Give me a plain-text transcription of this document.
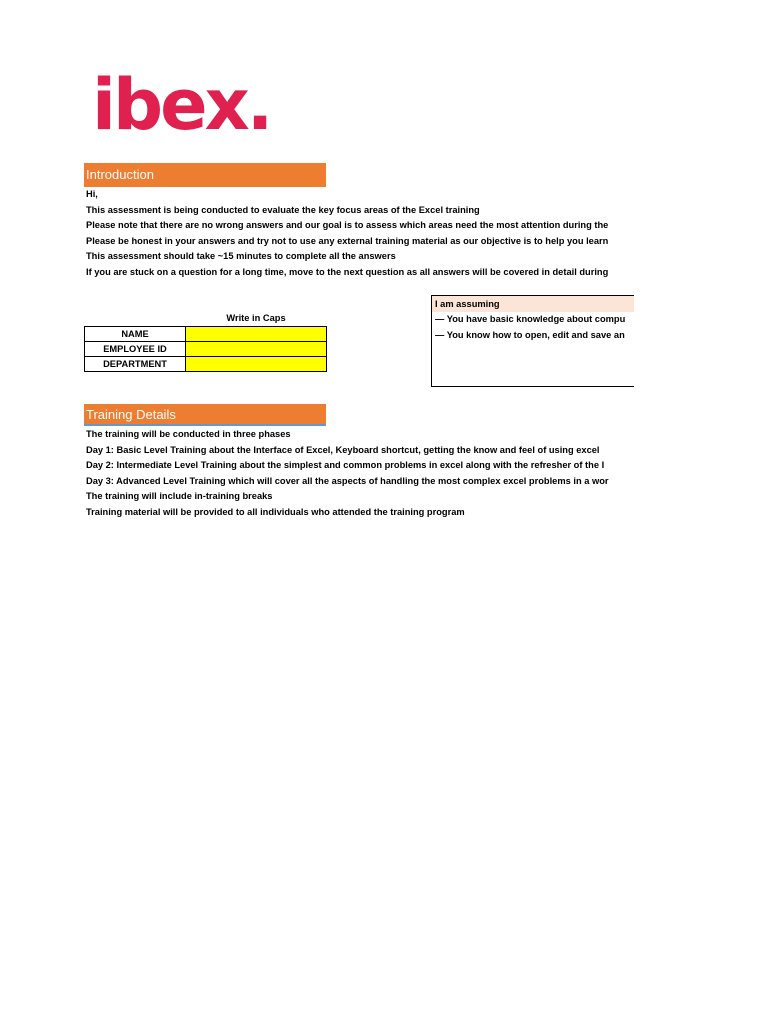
ibex.
Introduction
Hi,
This assessment is being conducted to evaluate the key focus areas of the Excel training
Please note that there are no wrong answers and our goal is to assess which areas need the most attention during the
Please be honest in your answers and try not to use any external training material as our objective is to help you learn
This assessment should take ~15 minutes to complete all the answers
If you are stuck on a question for a long time, move to the next question as all answers will be covered in detail during
Write in Caps
NAME	
EMPLOYEE ID	
DEPARTMENT	
I am assuming
— You have basic knowledge about compu
— You know how to open, edit and save an
Training Details
The training will be conducted in three phases
Day 1: Basic Level Training about the Interface of Excel, Keyboard shortcut, getting the know and feel of using excel
Day 2: Intermediate Level Training about the simplest and common problems in excel along with the refresher of the I
Day 3: Advanced Level Training which will cover all the aspects of handling the most complex excel problems in a wor
The training will include in-training breaks
Training material will be provided to all individuals who attended the training program
